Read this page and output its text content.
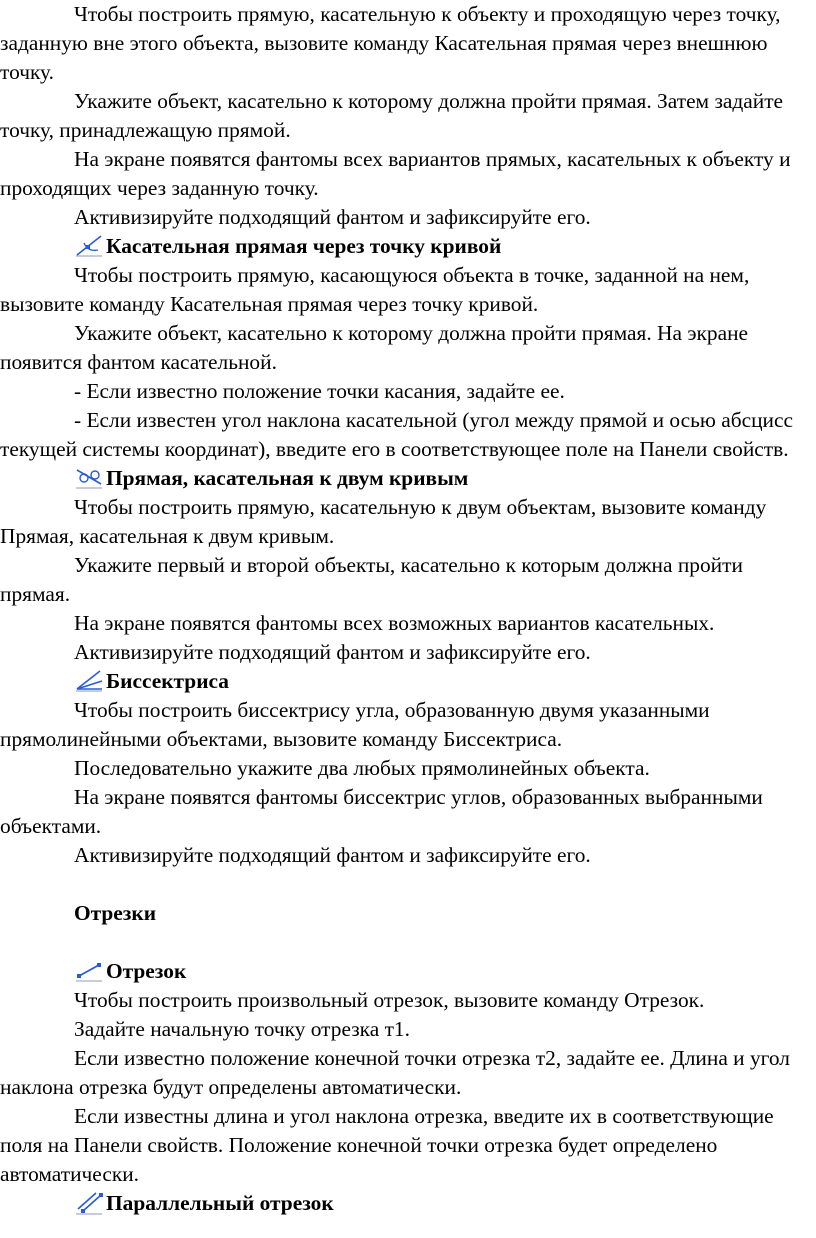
Чтобы построить прямую, касательную к объекту и проходящую через точку, заданную вне этого объекта, вызовите команду Касательная прямая через внешнюю точку.

Укажите объект, касательно к которому должна пройти прямая. Затем задайте точку, принадлежащую прямой.

На экране появятся фантомы всех вариантов прямых, касательных к объекту и проходящих через заданную точку.

Активизируйте подходящий фантом и зафиксируйте его.

Касательная прямая через точку кривой

Чтобы построить прямую, касающуюся объекта в точке, заданной на нем, вызовите команду Касательная прямая через точку кривой.

Укажите объект, касательно к которому должна пройти прямая. На экране появится фантом касательной.

- Если известно положение точки касания, задайте ее.

- Если известен угол наклона касательной (угол между прямой и осью абсцисс текущей системы координат), введите его в соответствующее поле на Панели свойств.

Прямая, касательная к двум кривым

Чтобы построить прямую, касательную к двум объектам, вызовите команду Прямая, касательная к двум кривым.

Укажите первый и второй объекты, касательно к которым должна пройти прямая.

На экране появятся фантомы всех возможных вариантов касательных.

Активизируйте подходящий фантом и зафиксируйте его.

Биссектриса

Чтобы построить биссектрису угла, образованную двумя указанными прямолинейными объектами, вызовите команду Биссектриса.

Последовательно укажите два любых прямолинейных объекта.

На экране появятся фантомы биссектрис углов, образованных выбранными объектами.

Активизируйте подходящий фантом и зафиксируйте его.

Отрезки
Отрезок

Чтобы построить произвольный отрезок, вызовите команду Отрезок.

Задайте начальную точку отрезка т1.

Если известно положение конечной точки отрезка т2, задайте ее. Длина и угол наклона отрезка будут определены автоматически.

Если известны длина и угол наклона отрезка, введите их в соответствующие поля на Панели свойств. Положение конечной точки отрезка будет определено автоматически.

Параллельный отрезок
